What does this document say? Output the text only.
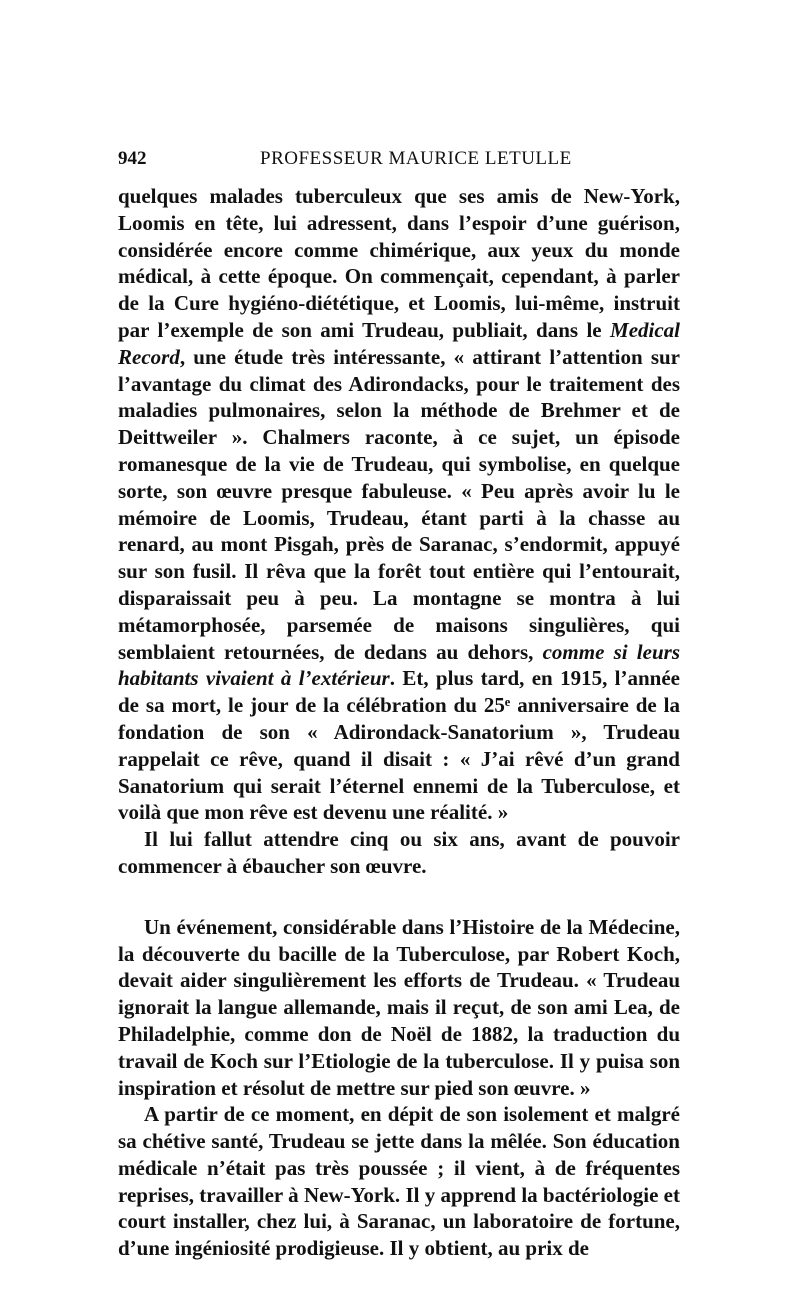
942	PROFESSEUR MAURICE LETULLE

quelques malades tuberculeux que ses amis de New-York, Loomis en tête, lui adressent, dans l’espoir d’une guérison, considérée encore comme chimérique, aux yeux du monde médical, à cette époque. On commençait, cependant, à parler de la Cure hygiéno-diététique, et Loomis, lui-même, instruit par l’exemple de son ami Trudeau, publiait, dans le Medical Record, une étude très intéressante, « attirant l’attention sur l’avantage du climat des Adirondacks, pour le traitement des maladies pulmonaires, selon la méthode de Brehmer et de Deittweiler ». Chalmers raconte, à ce sujet, un épisode romanesque de la vie de Trudeau, qui symbolise, en quelque sorte, son œuvre presque fabuleuse. « Peu après avoir lu le mémoire de Loomis, Trudeau, étant parti à la chasse au renard, au mont Pisgah, près de Saranac, s’endormit, appuyé sur son fusil. Il rêva que la forêt tout entière qui l’entourait, disparaissait peu à peu. La montagne se montra à lui métamorphosée, parsemée de maisons singulières, qui semblaient retournées, de dedans au dehors, comme si leurs habitants vivaient à l’extérieur. Et, plus tard, en 1915, l’année de sa mort, le jour de la célébration du 25ᵉ anniversaire de la fondation de son « Adirondack-Sanatorium », Trudeau rappelait ce rêve, quand il disait : « J’ai rêvé d’un grand Sanatorium qui serait l’éternel ennemi de la Tuberculose, et voilà que mon rêve est devenu une réalité. »

Il lui fallut attendre cinq ou six ans, avant de pouvoir commencer à ébaucher son œuvre.

Un événement, considérable dans l’Histoire de la Médecine, la découverte du bacille de la Tuberculose, par Robert Koch, devait aider singulièrement les efforts de Trudeau. « Trudeau ignorait la langue allemande, mais il reçut, de son ami Lea, de Philadelphie, comme don de Noël de 1882, la traduction du travail de Koch sur l’Etiologie de la tuberculose. Il y puisa son inspiration et résolut de mettre sur pied son œuvre. »

A partir de ce moment, en dépit de son isolement et malgré sa chétive santé, Trudeau se jette dans la mêlée. Son éducation médicale n’était pas très poussée ; il vient, à de fréquentes reprises, travailler à New-York. Il y apprend la bactériologie et court installer, chez lui, à Saranac, un laboratoire de fortune, d’une ingéniosité prodigieuse. Il y obtient, au prix de
